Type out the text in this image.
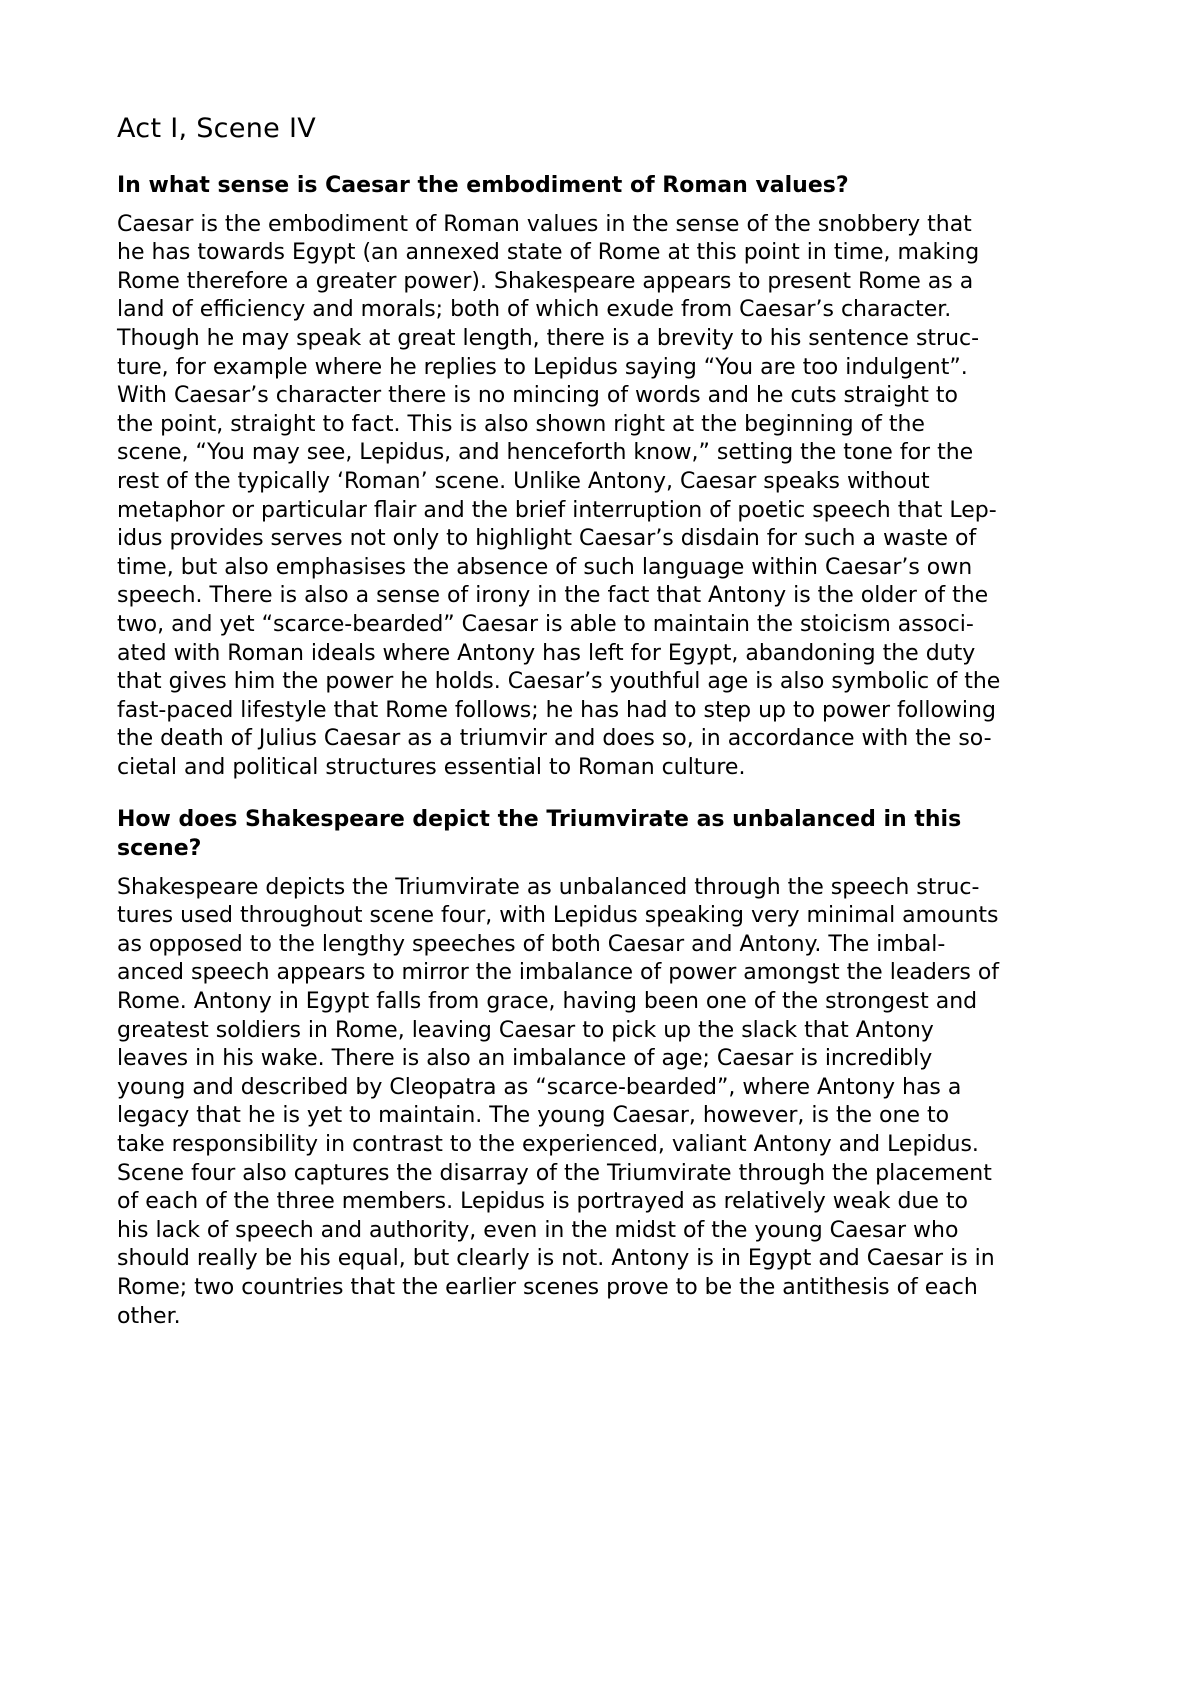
Act I, Scene IV
In what sense is Caesar the embodiment of Roman values?

Caesar is the embodiment of Roman values in the sense of the snobbery that
he has towards Egypt (an annexed state of Rome at this point in time, making
Rome therefore a greater power). Shakespeare appears to present Rome as a
land of efficiency and morals; both of which exude from Caesar’s character.
Though he may speak at great length, there is a brevity to his sentence struc-
ture, for example where he replies to Lepidus saying “You are too indulgent”.
With Caesar’s character there is no mincing of words and he cuts straight to
the point, straight to fact. This is also shown right at the beginning of the
scene, “You may see, Lepidus, and henceforth know,” setting the tone for the
rest of the typically ‘Roman’ scene. Unlike Antony, Caesar speaks without
metaphor or particular flair and the brief interruption of poetic speech that Lep-
idus provides serves not only to highlight Caesar’s disdain for such a waste of
time, but also emphasises the absence of such language within Caesar’s own
speech. There is also a sense of irony in the fact that Antony is the older of the
two, and yet “scarce-bearded” Caesar is able to maintain the stoicism associ-
ated with Roman ideals where Antony has left for Egypt, abandoning the duty
that gives him the power he holds. Caesar’s youthful age is also symbolic of the
fast-paced lifestyle that Rome follows; he has had to step up to power following
the death of Julius Caesar as a triumvir and does so, in accordance with the so-
cietal and political structures essential to Roman culture.

How does Shakespeare depict the Triumvirate as unbalanced in this
scene?

Shakespeare depicts the Triumvirate as unbalanced through the speech struc-
tures used throughout scene four, with Lepidus speaking very minimal amounts
as opposed to the lengthy speeches of both Caesar and Antony. The imbal-
anced speech appears to mirror the imbalance of power amongst the leaders of
Rome. Antony in Egypt falls from grace, having been one of the strongest and
greatest soldiers in Rome, leaving Caesar to pick up the slack that Antony
leaves in his wake. There is also an imbalance of age; Caesar is incredibly
young and described by Cleopatra as “scarce-bearded”, where Antony has a
legacy that he is yet to maintain. The young Caesar, however, is the one to
take responsibility in contrast to the experienced, valiant Antony and Lepidus.
Scene four also captures the disarray of the Triumvirate through the placement
of each of the three members. Lepidus is portrayed as relatively weak due to
his lack of speech and authority, even in the midst of the young Caesar who
should really be his equal, but clearly is not. Antony is in Egypt and Caesar is in
Rome; two countries that the earlier scenes prove to be the antithesis of each
other.
